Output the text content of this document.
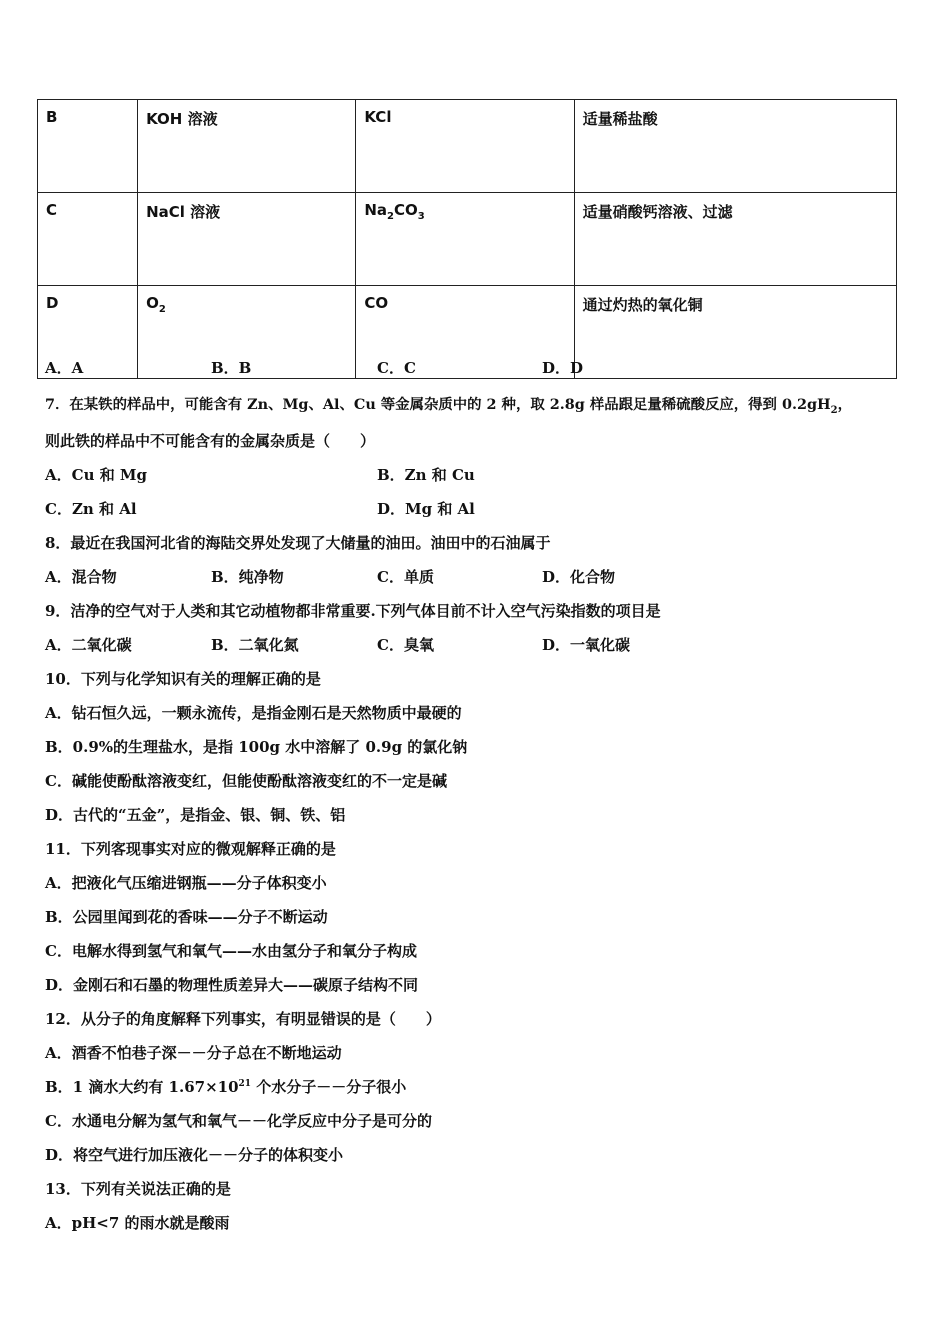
B	KOH 溶液	KCl	适量稀盐酸
C	NaCl 溶液	$Na_2CO_3$	适量硝酸钙溶液、过滤
D	$O_2$	CO	通过灼热的氧化铜
A．A	B．B	C．C	D．D
7．在某铁的样品中，可能含有 Zn、Mg、Al、Cu 等金属杂质中的 2 种，取 2.8g 样品跟足量稀硫酸反应，得到 $0.2gH_2$，
则此铁的样品中不可能含有的金属杂质是（　　）
A．Cu 和 Mg	B．Zn 和 Cu
C．Zn 和 Al	D．Mg 和 Al
8．最近在我国河北省的海陆交界处发现了大储量的油田。油田中的石油属于
A．混合物	B．纯净物	C．单质	D．化合物
9．洁净的空气对于人类和其它动植物都非常重要.下列气体目前不计入空气污染指数的项目是
A．二氧化碳	B．二氧化氮	C．臭氧	D．一氧化碳
10．下列与化学知识有关的理解正确的是
A．钻石恒久远，一颗永流传，是指金刚石是天然物质中最硬的
B．0.9%的生理盐水，是指 100g 水中溶解了 0.9g 的氯化钠
C．碱能使酚酞溶液变红，但能使酚酞溶液变红的不一定是碱
D．古代的“五金”，是指金、银、铜、铁、铝
11．下列客现事实对应的微观解释正确的是
A．把液化气压缩进钢瓶——分子体积变小
B．公园里闻到花的香味——分子不断运动
C．电解水得到氢气和氧气——水由氢分子和氧分子构成
D．金刚石和石墨的物理性质差异大——碳原子结构不同
12．从分子的角度解释下列事实，有明显错误的是（　　）
A．酒香不怕巷子深－－分子总在不断地运动
B．1 滴水大约有 $1.67\times 10^{21}$ 个水分子－－分子很小
C．水通电分解为氢气和氧气－－化学反应中分子是可分的
D．将空气进行加压液化－－分子的体积变小
13．下列有关说法正确的是
A．pH<7 的雨水就是酸雨
